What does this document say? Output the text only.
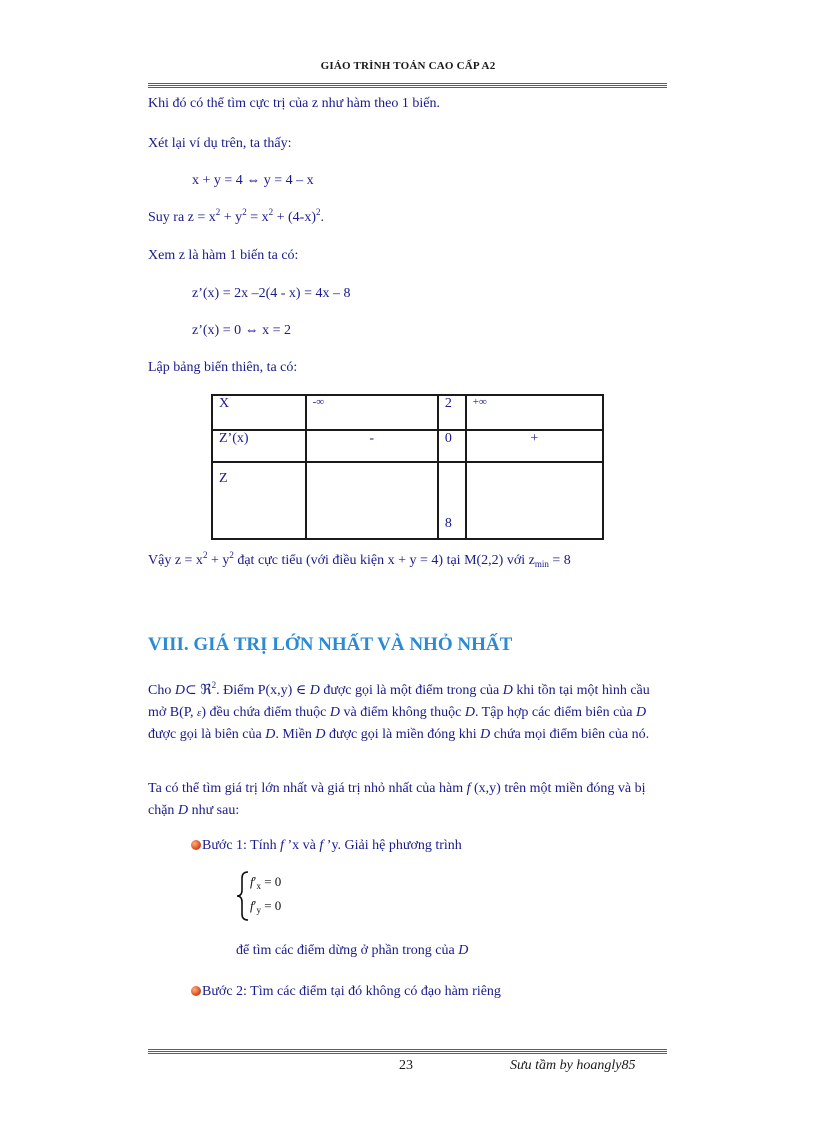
GIÁO TRÌNH TOÁN CAO CẤP A2
Khi đó có thể tìm cực trị của z như hàm theo 1 biến.
Xét lại ví dụ trên, ta thấy:
x + y = 4 ⇔ y = 4 – x
Suy ra $z = x^2 + y^2 = x^2 + (4-x)^2$.
Xem z là hàm 1 biến ta có:
z’(x) = 2x –2(4 - x) = 4x – 8
z’(x) = 0 ⇔ x = 2
Lập bảng biến thiên, ta có:
X	-∞	2	+∞
Z’(x)	-	0	+
Z		8	
Vậy $z = x^2 + y^2$ đạt cực tiểu (với điều kiện x + y = 4) tại M(2,2) với $z_{min} = 8$
VIII. GIÁ TRỊ LỚN NHẤT VÀ NHỎ NHẤT
Cho D⊂ ℜ$^2$. Điểm P(x,y) ∈ D được gọi là một điểm trong của D khi tồn tại một hình cầu mở B(P, ε) đều chứa điểm thuộc D và điểm không thuộc D. Tập hợp các điểm biên của D được gọi là biên của D. Miền D được gọi là miền đóng khi D chứa mọi điểm biên của nó.
Ta có thể tìm giá trị lớn nhất và giá trị nhỏ nhất của hàm f (x,y) trên một miền đóng và bị chặn D như sau:
Bước 1: Tính f ’x và f ’y. Giải hệ phương trình
$f'_x = 0$
$f'_y = 0$
để tìm các điểm dừng ở phần trong của D
Bước 2: Tìm các điểm tại đó không có đạo hàm riêng
23	Sưu tầm by hoangly85
